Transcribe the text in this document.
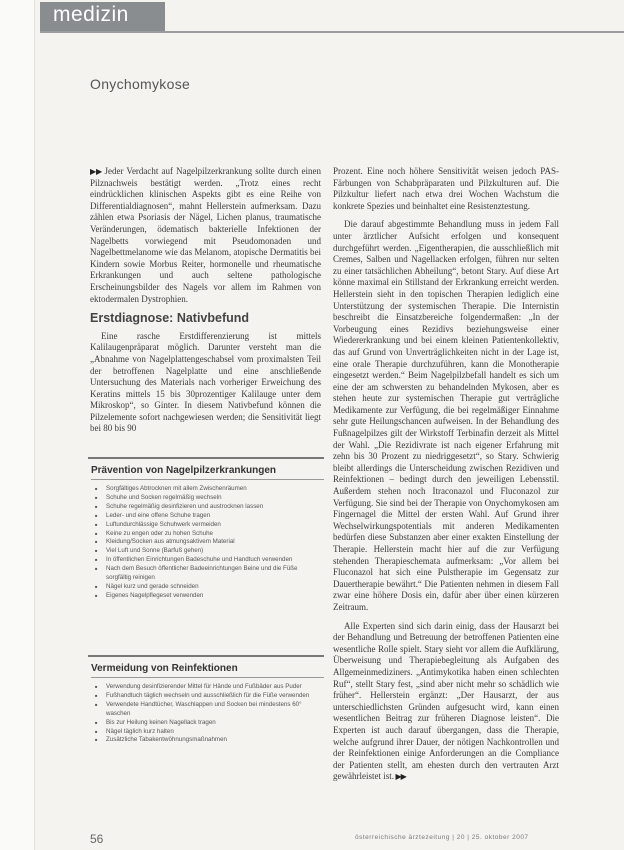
medizin
Onychomykose

▶▶ Jeder Verdacht auf Nagelpilzerkrankung sollte durch einen Pilznachweis bestätigt werden. „Trotz eines recht eindrücklichen klinischen Aspekts gibt es eine Reihe von Differentialdiagnosen“, mahnt Hellerstein aufmerksam. Dazu zählen etwa Psoriasis der Nägel, Lichen planus, traumatische Veränderungen, ödematisch bakterielle Infektionen der Nagelbetts vorwiegend mit Pseudomonaden und Nagelbettmelanome wie das Melanom, atopische Dermatitis bei Kindern sowie Morbus Reiter, hormonelle und rheumatische Erkrankungen und auch seltene pathologische Erscheinungsbilder des Nagels vor allem im Rahmen von ektodermalen Dystrophien.

Erstdiagnose: Nativbefund

Eine rasche Erstdifferenzierung ist mittels Kalilaugenpräparat möglich. Darunter versteht man die „Abnahme von Nagelplattengeschabsel vom proximalsten Teil der betroffenen Nagelplatte und eine anschließende Untersuchung des Materials nach vorheriger Erweichung des Keratins mittels 15 bis 30prozentiger Kalilauge unter dem Mikroskop“, so Ginter. In diesem Nativbefund können die Pilzelemente sofort nachgewiesen werden; die Sensitivität liegt bei 80 bis 90

Prozent. Eine noch höhere Sensitivität weisen jedoch PAS-Färbungen von Schabpräparaten und Pilzkulturen auf. Die Pilzkultur liefert nach etwa drei Wochen Wachstum die konkrete Spezies und beinhaltet eine Resistenztestung.

Die darauf abgestimmte Behandlung muss in jedem Fall unter ärztlicher Aufsicht erfolgen und konsequent durchgeführt werden. „Eigentherapien, die ausschließlich mit Cremes, Salben und Nagellacken erfolgen, führen nur selten zu einer tatsächlichen Abheilung“, betont Stary. Auf diese Art könne maximal ein Stillstand der Erkrankung erreicht werden. Hellerstein sieht in den topischen Therapien lediglich eine Unterstützung der systemischen Therapie. Die Internistin beschreibt die Einsatzbereiche folgendermaßen: „In der Vorbeugung eines Rezidivs beziehungsweise einer Wiedererkrankung und bei einem kleinen Patientenkollektiv, das auf Grund von Unverträglichkeiten nicht in der Lage ist, eine orale Therapie durchzuführen, kann die Monotherapie eingesetzt werden.“ Beim Nagelpilzbefall handelt es sich um eine der am schwersten zu behandelnden Mykosen, aber es stehen heute zur systemischen Therapie gut verträgliche Medikamente zur Verfügung, die bei regelmäßiger Einnahme sehr gute Heilungschancen aufweisen. In der Behandlung des Fußnagelpilzes gilt der Wirkstoff Terbinafin derzeit als Mittel der Wahl. „Die Rezidivrate ist nach eigener Erfahrung mit zehn bis 30 Prozent zu niedriggesetzt“, so Stary. Schwierig bleibt allerdings die Unterscheidung zwischen Rezidiven und Reinfektionen – bedingt durch den jeweiligen Lebensstil. Außerdem stehen noch Itraconazol und Fluconazol zur Verfügung. Sie sind bei der Therapie von Onychomykosen am Fingernagel die Mittel der ersten Wahl. Auf Grund ihrer Wechselwirkungspotentials mit anderen Medikamenten bedürfen diese Substanzen aber einer exakten Einstellung der Therapie. Hellerstein macht hier auf die zur Verfügung stehenden Therapieschemata aufmerksam: „Vor allem bei Fluconazol hat sich eine Pulstherapie im Gegensatz zur Dauertherapie bewährt.“ Die Patienten nehmen in diesem Fall zwar eine höhere Dosis ein, dafür aber über einen kürzeren Zeitraum.

Alle Experten sind sich darin einig, dass der Hausarzt bei der Behandlung und Betreuung der betroffenen Patienten eine wesentliche Rolle spielt. Stary sieht vor allem die Aufklärung, Überweisung und Therapiebegleitung als Aufgaben des Allgemeinmediziners. „Antimykotika haben einen schlechten Ruf“, stellt Stary fest, „sind aber nicht mehr so schädlich wie früher“. Hellerstein ergänzt: „Der Hausarzt, der aus unterschiedlichsten Gründen aufgesucht wird, kann einen wesentlichen Beitrag zur früheren Diagnose leisten“. Die Experten ist auch darauf übergangen, dass die Therapie, welche aufgrund ihrer Dauer, der nötigen Nachkontrollen und der Reinfektionen einige Anforderungen an die Compliance der Patienten stellt, am ehesten durch den vertrauten Arzt gewährleistet ist. ▶▶

Prävention von Nagelpilzerkrankungen
■ Sorgfältiges Abtrocknen mit allem Zwischenräumen
■ Schuhe und Socken regelmäßig wechseln
■ Schuhe regelmäßig desinfizieren und austrocknen lassen
■ Leder- und eine offene Schuhe tragen
■ Luftundurchlässige Schuhwerk vermeiden
■ Keine zu engen oder zu hohen Schuhe
■ Kleidung/Socken aus atmungsaktivem Material
■ Viel Luft und Sonne (Barfuß gehen)
■ In öffentlichen Einrichtungen Badeschuhe und Handtuch verwenden
■ Nach dem Besuch öffentlicher Badeeinrichtungen Beine und die Füße sorgfältig reinigen
■ Nägel kurz und gerade schneiden
■ Eigenes Nagelpflegeset verwenden
Vermeidung von Reinfektionen
■ Verwendung desinfizierender Mittel für Hände und Fußbäder aus Puder
■ Fußhandtuch täglich wechseln und ausschließlich für die Füße verwenden
■ Verwendete Handtücher, Waschlappen und Socken bei mindestens 60° waschen
■ Bis zur Heilung keinen Nagellack tragen
■ Nägel täglich kurz halten
■ Zusätzliche Tabakentwöhnungsmaßnahmen
56	österreichische ärztezeitung | 20 | 25. oktober 2007
